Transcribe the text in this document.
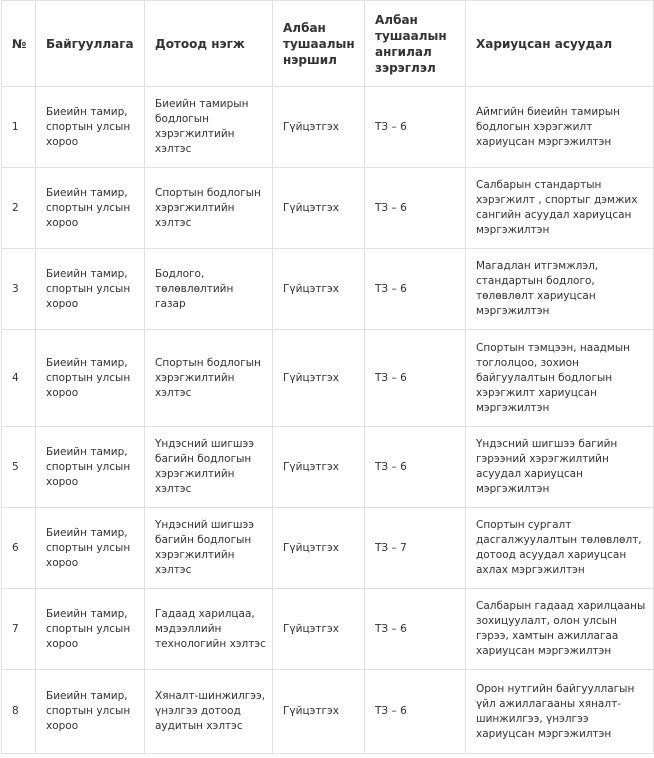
№	Байгууллага	Дотоод нэгж	Албан тушаалын нэршил	Албан тушаалын ангилал зэрэглэл	Хариуцсан асуудал

1	Биеийн тамир,
спортын улсын
хороо	Биеийн тамирын
бодлогын
хэрэгжилтийн
хэлтэс	Гүйцэтгэх	ТЗ – 6	Аймгийн биеийн тамирын
бодлогын хэрэгжилт
хариуцсан мэргэжилтэн

2	Биеийн тамир,
спортын улсын
хороо	Спортын бодлогын
хэрэгжилтийн
хэлтэс	Гүйцэтгэх	ТЗ – 6	Салбарын стандартын
хэрэгжилт , спортыг дэмжих
сангийн асуудал хариуцсан
мэргэжилтэн

3	Биеийн тамир,
спортын улсын
хороо	Бодлого,
төлөвлөлтийн газар	Гүйцэтгэх	ТЗ – 6	Магадлан итгэмжлэл,
стандартын бодлого,
төлөвлөлт хариуцсан
мэргэжилтэн

4	Биеийн тамир,
спортын улсын
хороо	Спортын бодлогын
хэрэгжилтийн
хэлтэс	Гүйцэтгэх	ТЗ – 6	Спортын тэмцээн, наадмын
тоглолцоо, зохион
байгуулалтын бодлогын
хэрэгжилт хариуцсан
мэргэжилтэн

5	Биеийн тамир,
спортын улсын
хороо	Үндэсний шигшээ
багийн бодлогын
хэрэгжилтийн
хэлтэс	Гүйцэтгэх	ТЗ – 6	Үндэсний шигшээ багийн
гэрээний хэрэгжилтийн
асуудал хариуцсан
мэргэжилтэн

6	Биеийн тамир,
спортын улсын
хороо	Үндэсний шигшээ
багийн бодлогын
хэрэгжилтийн
хэлтэс	Гүйцэтгэх	ТЗ – 7	Спортын сургалт
дасгалжуулалтын төлөвлөлт,
дотоод асуудал хариуцсан
ахлах мэргэжилтэн

7	Биеийн тамир,
спортын улсын
хороо	Гадаад харилцаа,
мэдээллийн
технологийн хэлтэс	Гүйцэтгэх	ТЗ – 6	Салбарын гадаад харилцааны
зохицуулалт, олон улсын
гэрээ, хамтын ажиллагаа
хариуцсан мэргэжилтэн

8	Биеийн тамир,
спортын улсын
хороо	Хяналт-шинжилгээ,
үнэлгээ дотоод
аудитын хэлтэс	Гүйцэтгэх	ТЗ – 6	Орон нутгийн байгууллагын
үйл ажиллагааны хяналт-
шинжилгээ, үнэлгээ
хариуцсан мэргэжилтэн
